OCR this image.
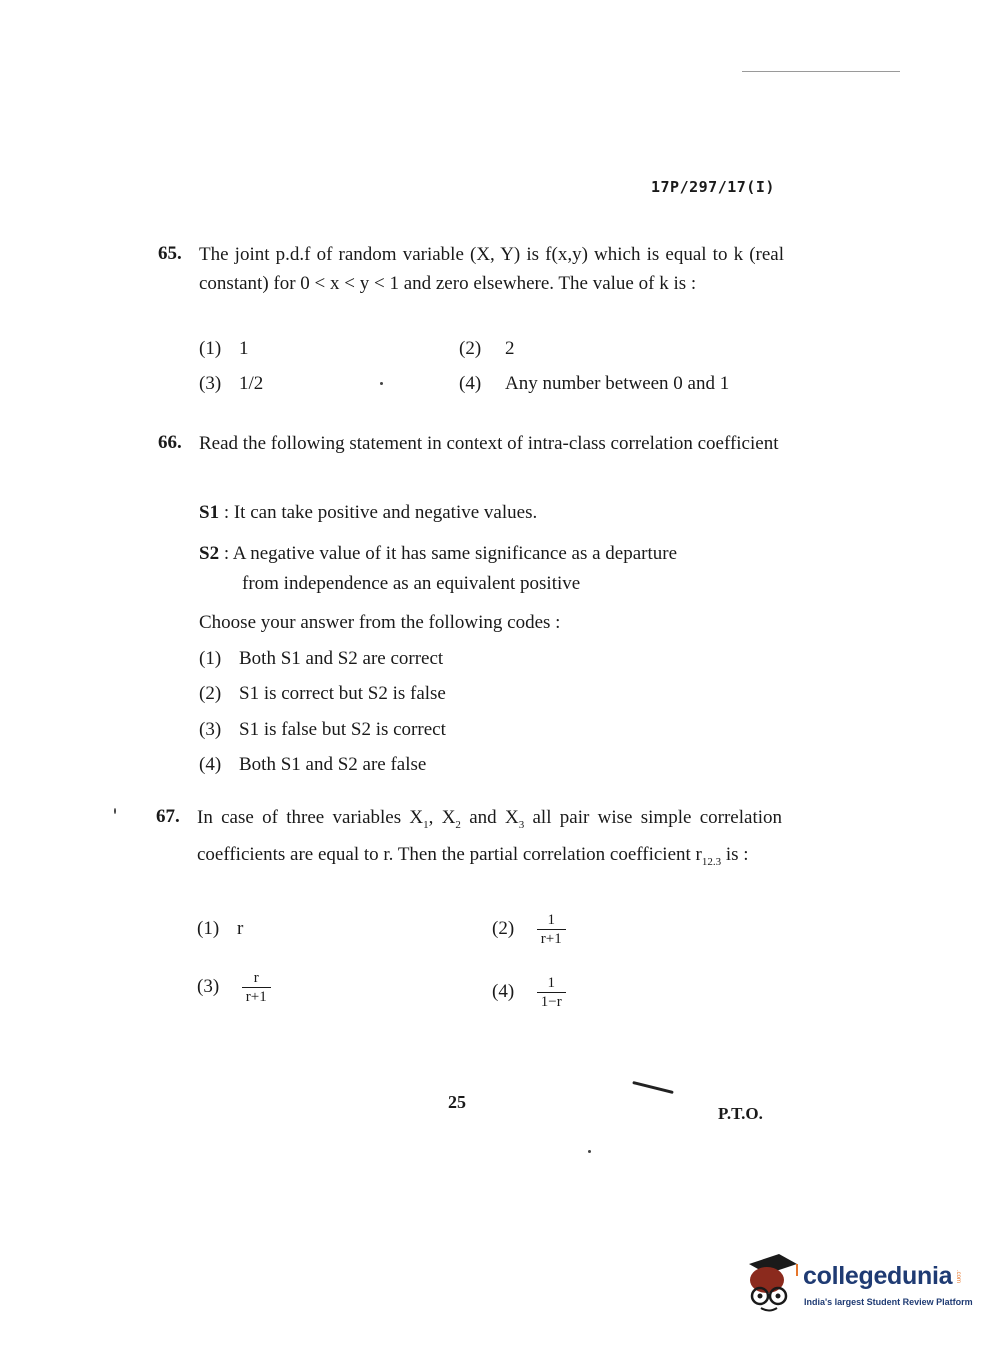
17P/297/17(I)
65. The joint p.d.f of random variable (X, Y) is f(x,y) which is equal to k (real constant) for 0 < x < y < 1 and zero elsewhere. The value of k is :
(1) 1	(2) 2
(3) 1/2	(4) Any number between 0 and 1
66. Read the following statement in context of intra-class correlation coefficient
S1 : It can take positive and negative values.
S2 : A negative value of it has same significance as a departure
from independence as an equivalent positive
Choose your answer from the following codes :
(1) Both S1 and S2 are correct
(2) S1 is correct but S2 is false
(3) S1 is false but S2 is correct
(4) Both S1 and S2 are false
67. In case of three variables $X_1$, $X_2$ and $X_3$ all pair wise simple correlation coefficients are equal to r. Then the partial correlation coefficient $r_{12.3}$ is :
(1) r	$(2) \frac{1}{r+1}$
$(3) \frac{r}{r+1}$	$(4) \frac{1}{1-r}$
25
P.T.O.
collegedunia .com
India's largest Student Review Platform
